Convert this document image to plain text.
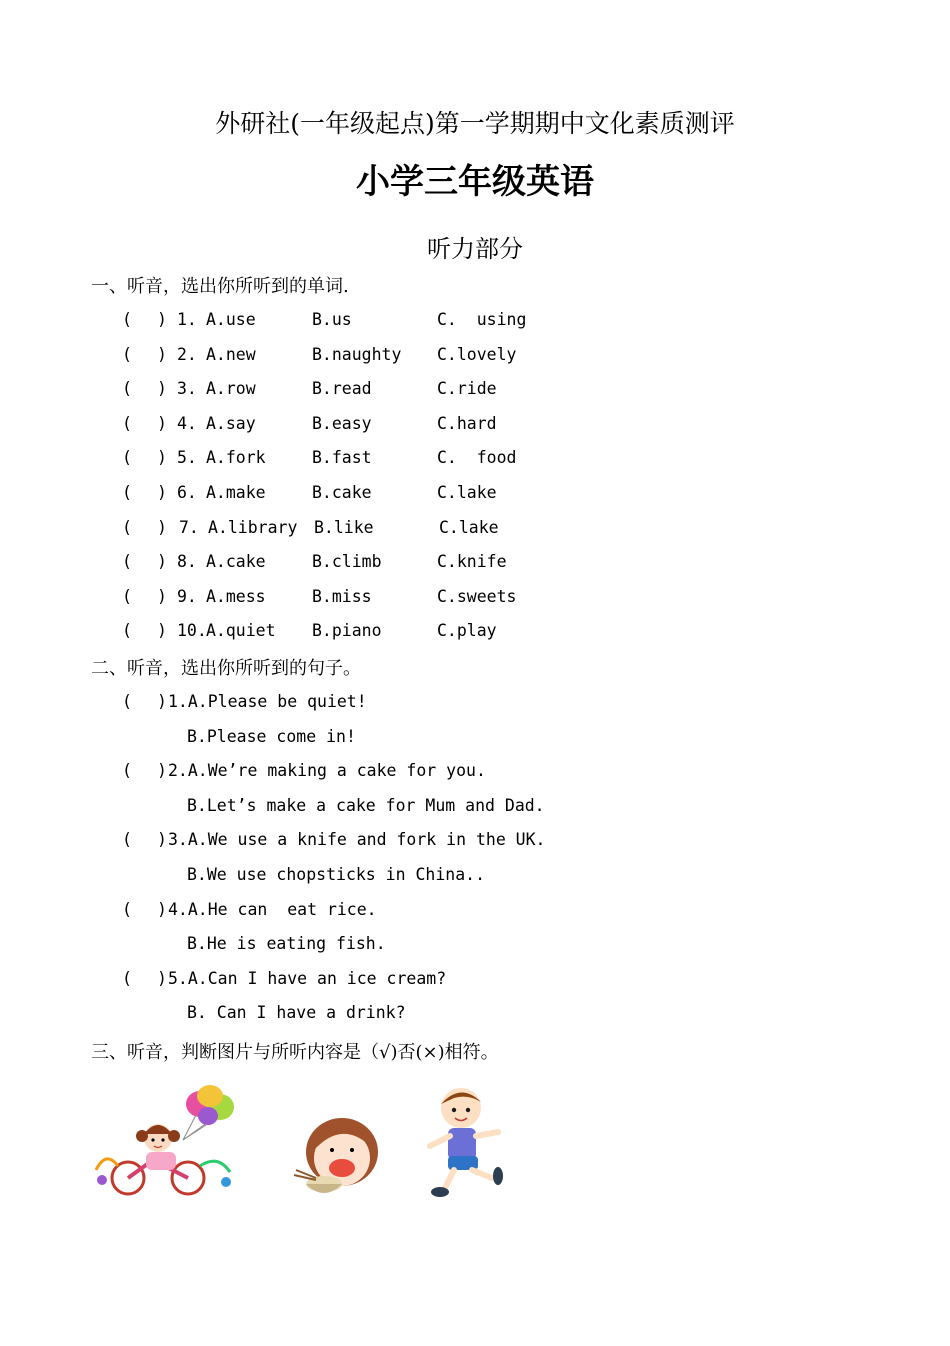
外研社(一年级起点)第一学期期中文化素质测评
小学三年级英语
听力部分
一、听音，选出你所听到的单词.
( ) 1. A.use	B.us	C.  using
( ) 2. A.new	B.naughty C.lovely
( ) 3. A.row	B.read	C.ride
( ) 4. A.say	B.easy	C.hard
( ) 5. A.fork	B.fast	C.  food
( ) 6. A.make	B.cake	C.lake
( ) 7. A.library B.like	C.lake
( ) 8. A.cake	B.climb	C.knife
( ) 9. A.mess	B.miss	C.sweets
( ) 10. A.quiet B.piano	C.play
二、听音，选出你所听到的句子。
( ) 1.A.Please be quiet!
B.Please come in!
( ) 2.A.We’re making a cake for you.
B.Let’s make a cake for Mum and Dad.
( ) 3.A.We use a knife and fork in the UK.
B.We use chopsticks in China..
( ) 4.A.He can  eat rice.
B.He is eating fish.
( ) 5.A.Can I have an ice cream?
B. Can I have a drink?
三、听音，判断图片与所听内容是（√)否(×)相符。
